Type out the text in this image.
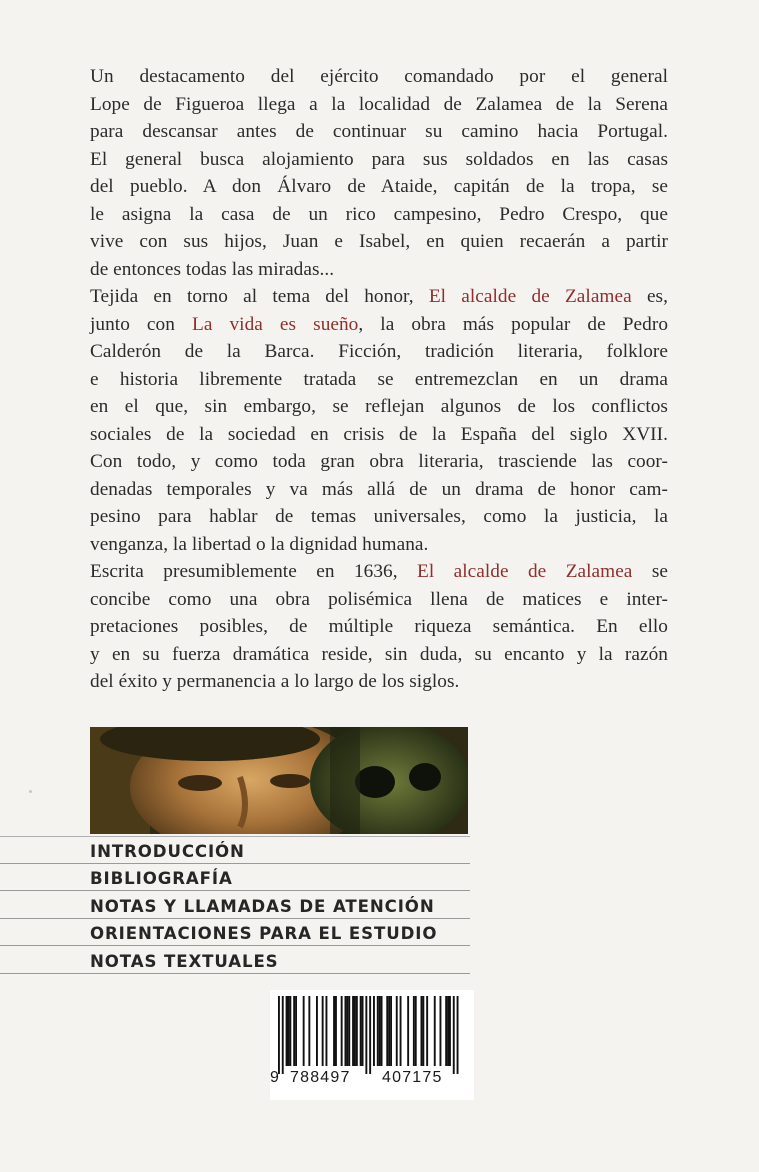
Un destacamento del ejército comandado por el general
Lope de Figueroa llega a la localidad de Zalamea de la Serena
para descansar antes de continuar su camino hacia Portugal.
El general busca alojamiento para sus soldados en las casas
del pueblo. A don Álvaro de Ataide, capitán de la tropa, se
le asigna la casa de un rico campesino, Pedro Crespo, que
vive con sus hijos, Juan e Isabel, en quien recaerán a partir
de entonces todas las miradas...
Tejida en torno al tema del honor, El alcalde de Zalamea es,
junto con La vida es sueño, la obra más popular de Pedro
Calderón de la Barca. Ficción, tradición literaria, folklore
e historia libremente tratada se entremezclan en un drama
en el que, sin embargo, se reflejan algunos de los conflictos
sociales de la sociedad en crisis de la España del siglo XVII.
Con todo, y como toda gran obra literaria, trasciende las coor-
denadas temporales y va más allá de un drama de honor cam-
pesino para hablar de temas universales, como la justicia, la
venganza, la libertad o la dignidad humana.
Escrita presumiblemente en 1636, El alcalde de Zalamea se
concibe como una obra polisémica llena de matices e inter-
pretaciones posibles, de múltiple riqueza semántica. En ello
y en su fuerza dramática reside, sin duda, su encanto y la razón
del éxito y permanencia a lo largo de los siglos.
INTRODUCCIÓN
BIBLIOGRAFÍA
NOTAS Y LLAMADAS DE ATENCIÓN
ORIENTACIONES PARA EL ESTUDIO
NOTAS TEXTUALES
9 788497 407175
